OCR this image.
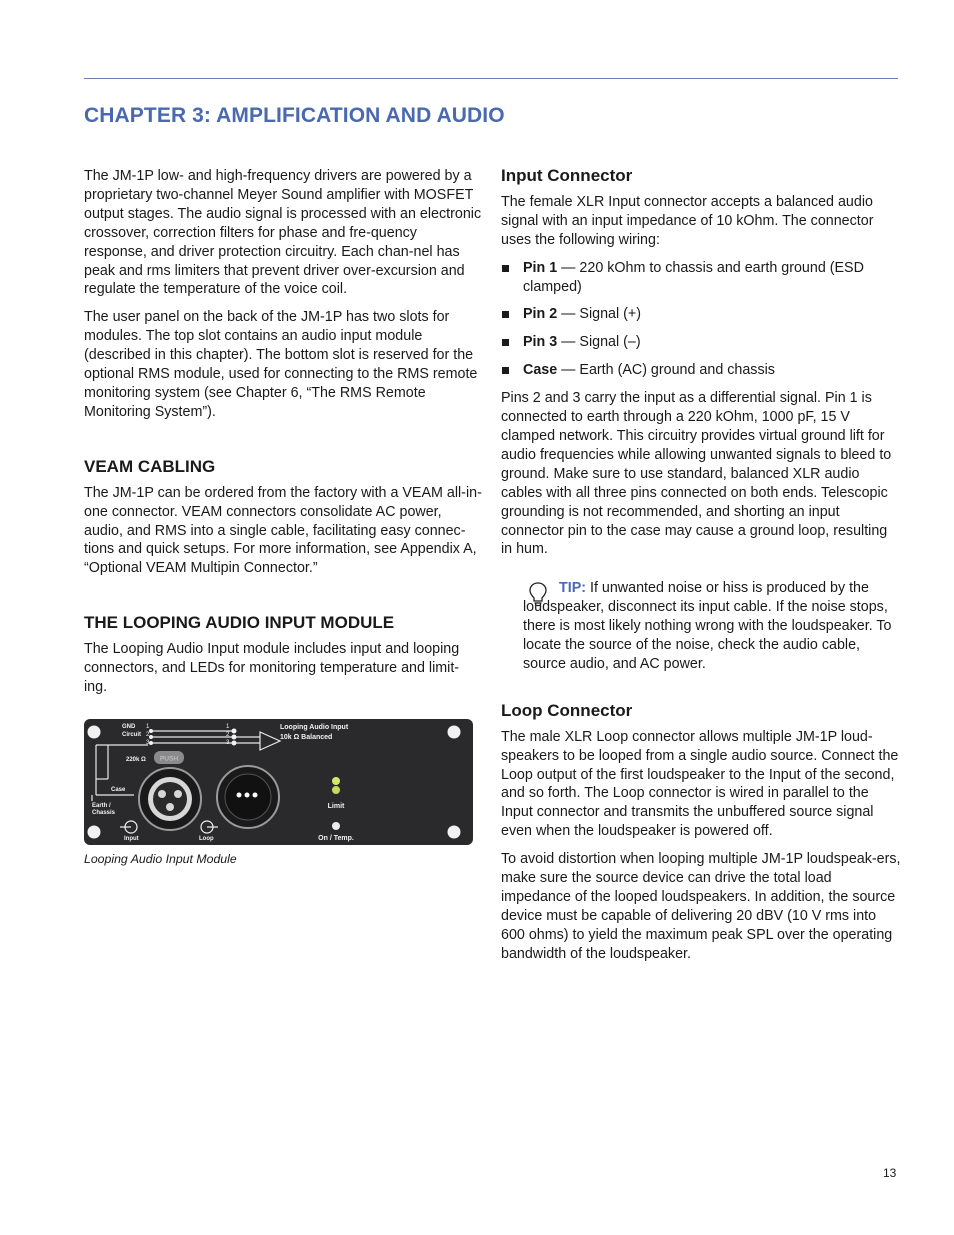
CHAPTER 3: AMPLIFICATION AND AUDIO

The JM-1P low- and high-frequency drivers are powered by a proprietary two-channel Meyer Sound amplifier with MOSFET output stages. The audio signal is processed with an electronic crossover, correction filters for phase and fre-quency response, and driver protection circuitry. Each chan-nel has peak and rms limiters that prevent driver over-excursion and regulate the temperature of the voice coil.

The user panel on the back of the JM-1P has two slots for modules. The top slot contains an audio input module (described in this chapter). The bottom slot is reserved for the optional RMS module, used for connecting to the RMS remote monitoring system (see Chapter 6, “The RMS Remote Monitoring System”).

VEAM CABLING

The JM-1P can be ordered from the factory with a VEAM all-in-one connector. VEAM connectors consolidate AC power, audio, and RMS into a single cable, facilitating easy connec-tions and quick setups. For more information, see Appendix A, “Optional VEAM Multipin Connector.”

THE LOOPING AUDIO INPUT MODULE

The Looping Audio Input module includes input and looping connectors, and LEDs for monitoring temperature and limit-ing.

GND
Circuit
1
2
3
1
2
3
220k Ω
Case
Earth /
Chassis
Looping Audio Input
10k Ω Balanced
PUSH
Input	Loop
Limit
On / Temp.
Looping Audio Input Module
Input Connector

The female XLR Input connector accepts a balanced audio signal with an input impedance of 10 kOhm. The connector uses the following wiring:

Pin 1 — 220 kOhm to chassis and earth ground (ESD clamped)
Pin 2 — Signal (+)
Pin 3 — Signal (–)
Case — Earth (AC) ground and chassis

Pins 2 and 3 carry the input as a differential signal. Pin 1 is connected to earth through a 220 kOhm, 1000 pF, 15 V clamped network. This circuitry provides virtual ground lift for audio frequencies while allowing unwanted signals to bleed to ground. Make sure to use standard, balanced XLR audio cables with all three pins connected on both ends. Telescopic grounding is not recommended, and shorting an input connector pin to the case may cause a ground loop, resulting in hum.

TIP: If unwanted noise or hiss is produced by the loudspeaker, disconnect its input cable. If the noise stops, there is most likely nothing wrong with the loudspeaker. To locate the source of the noise, check the audio cable, source audio, and AC power.
Loop Connector

The male XLR Loop connector allows multiple JM-1P loud-speakers to be looped from a single audio source. Connect the Loop output of the first loudspeaker to the Input of the second, and so forth. The Loop connector is wired in parallel to the Input connector and transmits the unbuffered source signal even when the loudspeaker is powered off.

To avoid distortion when looping multiple JM-1P loudspeak-ers, make sure the source device can drive the total load impedance of the looped loudspeakers. In addition, the source device must be capable of delivering 20 dBV (10 V rms into 600 ohms) to yield the maximum peak SPL over the operating bandwidth of the loudspeaker.

13
